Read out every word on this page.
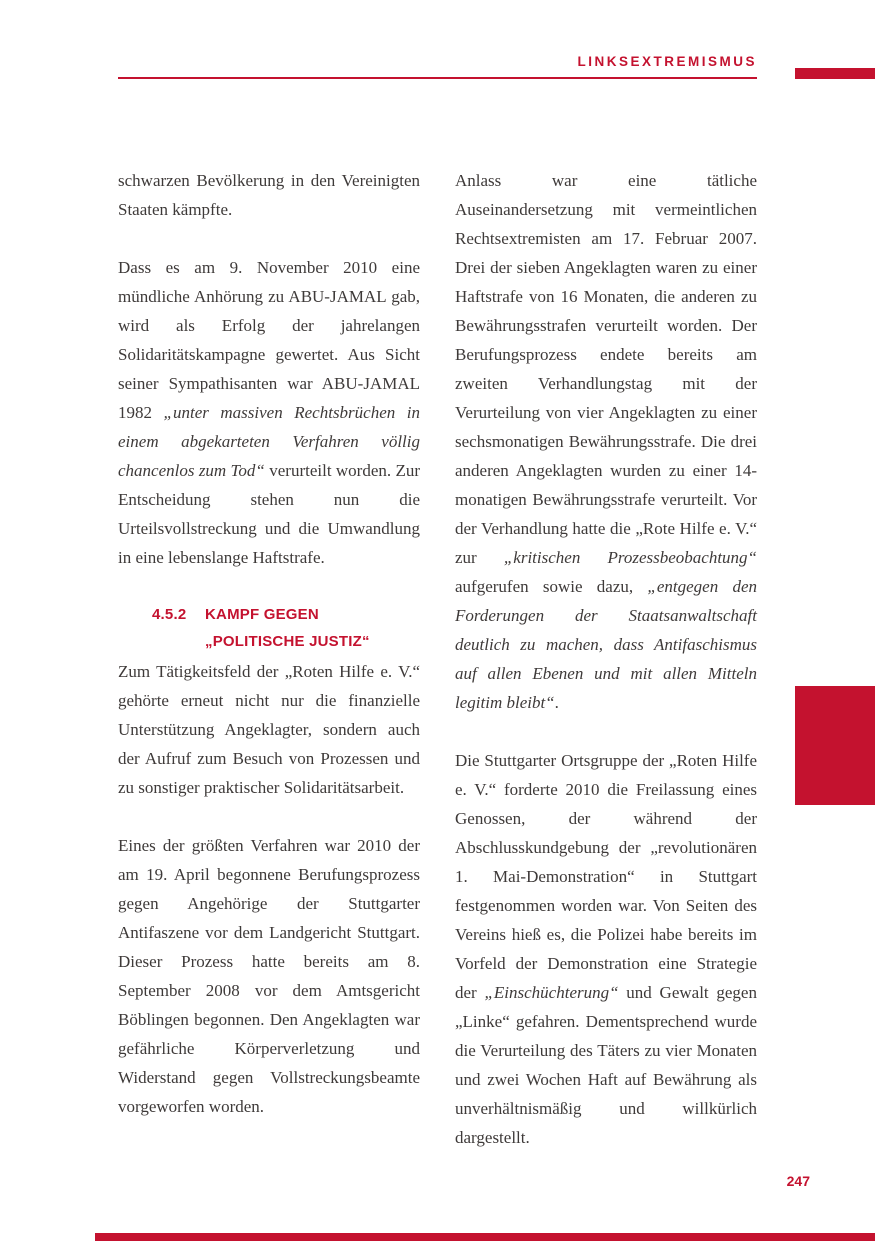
LINKSEXTREMISMUS

schwarzen Bevölkerung in den Vereinigten Staaten kämpfte.

Dass es am 9. November 2010 eine mündliche Anhörung zu ABU-JAMAL gab, wird als Erfolg der jahrelangen Solidaritätskampagne gewertet. Aus Sicht seiner Sympathisanten war ABU-JAMAL 1982 „unter massiven Rechtsbrüchen in einem abgekarteten Verfahren völlig chancenlos zum Tod“ verurteilt worden. Zur Entscheidung stehen nun die Urteilsvollstreckung und die Umwandlung in eine lebenslange Haftstrafe.

4.5.2 KAMPF GEGEN
„POLITISCHE JUSTIZ“

Zum Tätigkeitsfeld der „Roten Hilfe e. V.“ gehörte erneut nicht nur die finanzielle Unterstützung Angeklagter, sondern auch der Aufruf zum Besuch von Prozessen und zu sonstiger praktischer Solidaritätsarbeit.

Eines der größten Verfahren war 2010 der am 19. April begonnene Berufungsprozess gegen Angehörige der Stuttgarter Antifaszene vor dem Landgericht Stuttgart. Dieser Prozess hatte bereits am 8. September 2008 vor dem Amtsgericht Böblingen begonnen. Den Angeklagten war gefährliche Körperverletzung und Widerstand gegen Vollstreckungsbeamte vorgeworfen worden.

Anlass war eine tätliche Auseinandersetzung mit vermeintlichen Rechtsextremisten am 17. Februar 2007. Drei der sieben Angeklagten waren zu einer Haftstrafe von 16 Monaten, die anderen zu Bewährungsstrafen verurteilt worden. Der Berufungsprozess endete bereits am zweiten Verhandlungstag mit der Verurteilung von vier Angeklagten zu einer sechsmonatigen Bewährungsstrafe. Die drei anderen Angeklagten wurden zu einer 14-monatigen Bewährungsstrafe verurteilt. Vor der Verhandlung hatte die „Rote Hilfe e. V.“ zur „kritischen Prozessbeobachtung“ aufgerufen sowie dazu, „entgegen den Forderungen der Staatsanwaltschaft deutlich zu machen, dass Antifaschismus auf allen Ebenen und mit allen Mitteln legitim bleibt“.

Die Stuttgarter Ortsgruppe der „Roten Hilfe e. V.“ forderte 2010 die Freilassung eines Genossen, der während der Abschlusskundgebung der „revolutionären 1. Mai-Demonstration“ in Stuttgart festgenommen worden war. Von Seiten des Vereins hieß es, die Polizei habe bereits im Vorfeld der Demonstration eine Strategie der „Einschüchterung“ und Gewalt gegen „Linke“ gefahren. Dementsprechend wurde die Verurteilung des Täters zu vier Monaten und zwei Wochen Haft auf Bewährung als unverhältnismäßig und willkürlich dargestellt.

247
